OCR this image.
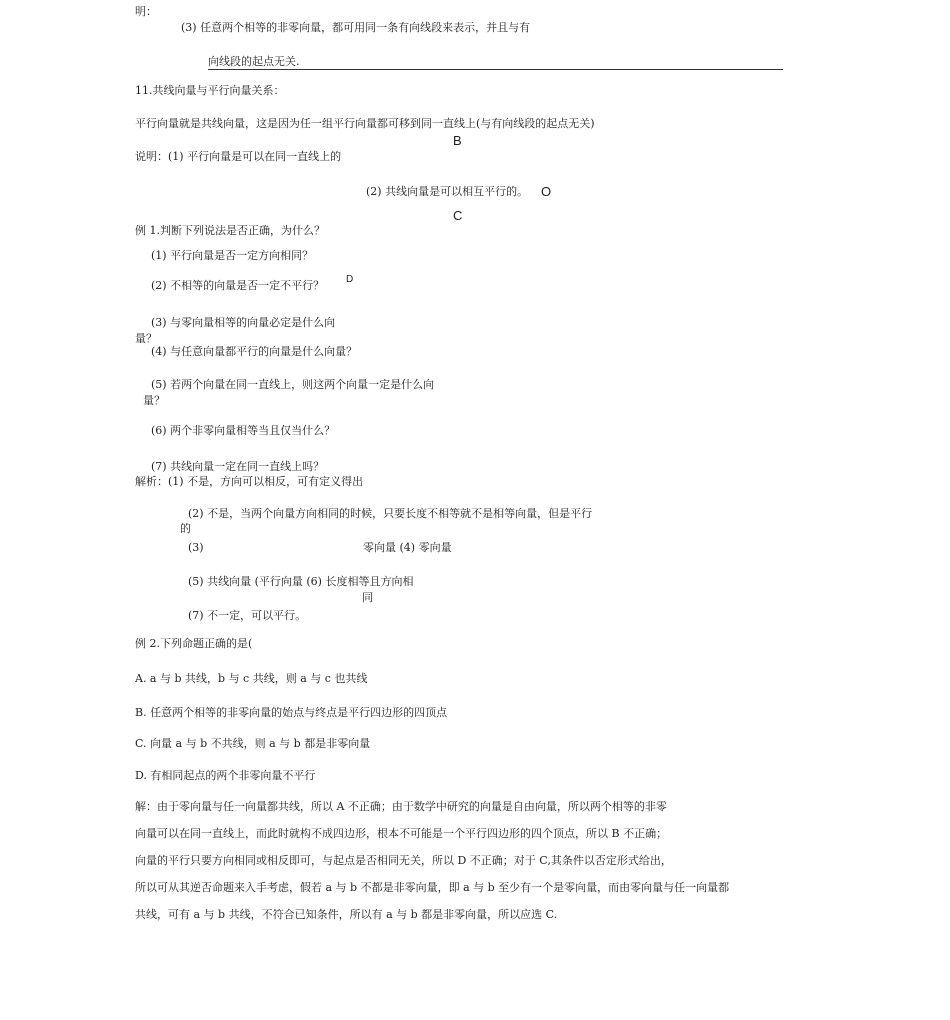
明：
(3) 任意两个相等的非零向量，都可用同一条有向线段来表示，并且与有
向线段的起点无关.
11.共线向量与平行向量关系：
平行向量就是共线向量，这是因为任一组平行向量都可移到同一直线上(与有向线段的起点无关)
B
说明：(1) 平行向量是可以在同一直线上的
(2) 共线向量是可以相互平行的。 O
C
例 1.判断下列说法是否正确，为什么？
(1) 平行向量是否一定方向相同？
(2) 不相等的向量是否一定不平行？ D
(3) 与零向量相等的向量必定是什么向
量？
(4) 与任意向量都平行的向量是什么向量？
(5) 若两个向量在同一直线上，则这两个向量一定是什么向
量？
(6) 两个非零向量相等当且仅当什么？
(7) 共线向量一定在同一直线上吗？
解析：(1) 不是，方向可以相反，可有定义得出
(2) 不是，当两个向量方向相同的时候，只要长度不相等就不是相等向量，但是平行
的
(3)	零向量 (4) 零向量
(5) 共线向量 (平行向量 (6) 长度相等且方向相
同
(7) 不一定，可以平行。
例 2.下列命题正确的是(
A. a 与 b 共线，b 与 c 共线，则 a 与 c 也共线
B. 任意两个相等的非零向量的始点与终点是平行四边形的四顶点
C. 向量 a 与 b 不共线，则 a 与 b 都是非零向量
D. 有相同起点的两个非零向量不平行
解：由于零向量与任一向量都共线，所以 A 不正确；由于数学中研究的向量是自由向量，所以两个相等的非零
向量可以在同一直线上，而此时就构不成四边形，根本不可能是一个平行四边形的四个顶点，所以 B 不正确；
向量的平行只要方向相同或相反即可，与起点是否相同无关，所以 D 不正确；对于 C,其条件以否定形式给出，
所以可从其逆否命题来入手考虑，假若 a 与 b 不都是非零向量，即 a 与 b 至少有一个是零向量，而由零向量与任一向量都
共线，可有 a 与 b 共线，不符合已知条件，所以有 a 与 b 都是非零向量，所以应选 C.
